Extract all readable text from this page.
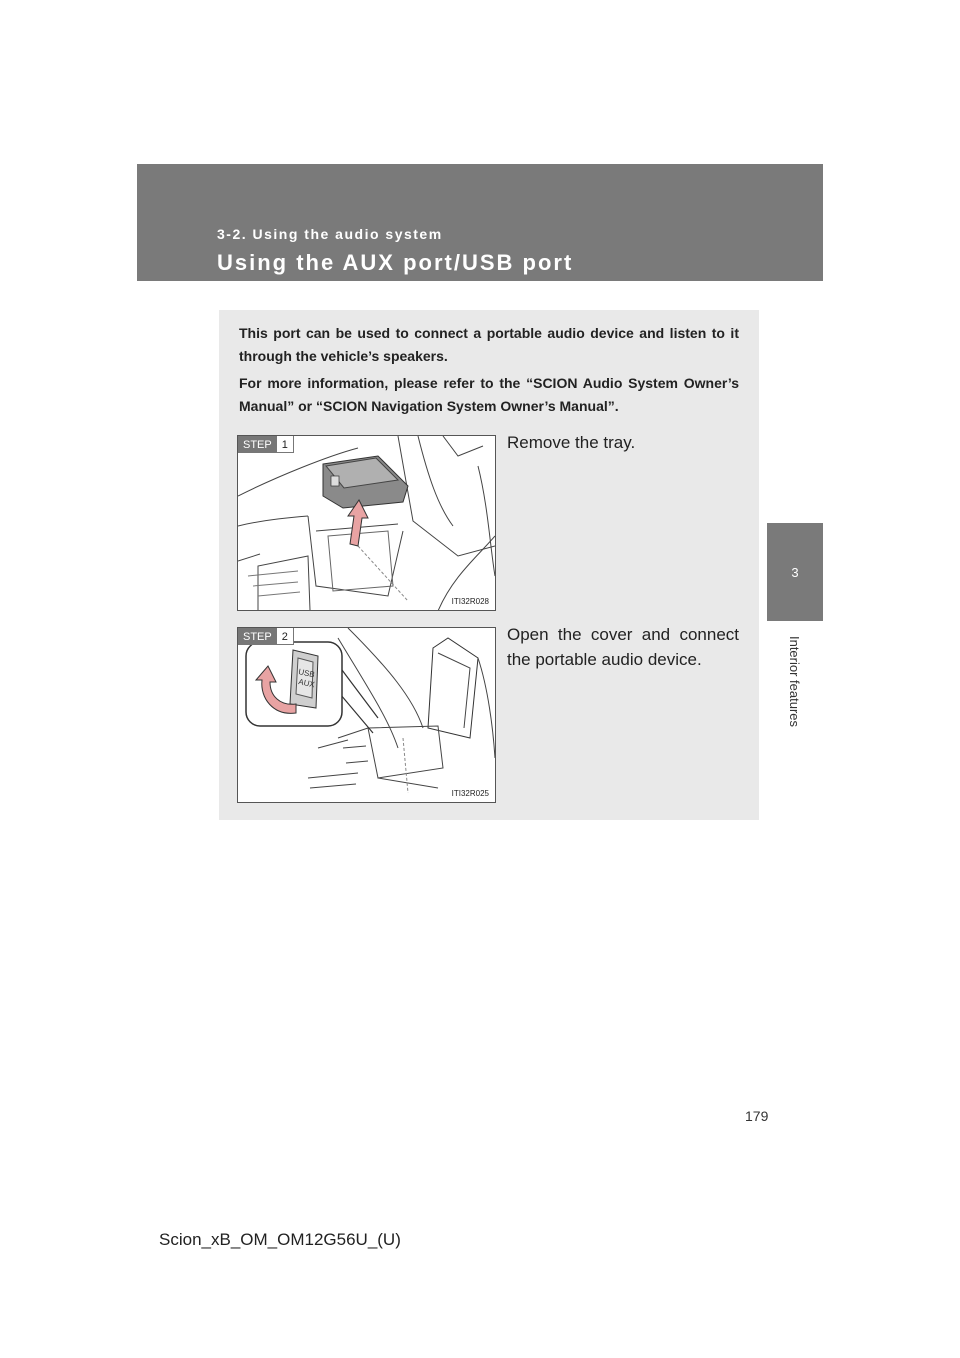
3-2. Using the audio system
Using the AUX port/USB port
3
Interior features

This port can be used to connect a portable audio device and listen to it through the vehicle’s speakers.

For more information, please refer to the “SCION Audio System Owner’s Manual” or “SCION Navigation System Owner’s Manual”.

STEP 1
ITI32R028

Remove the tray.

STEP 2
USB
AUX
ITI32R025

Open the cover and connect the portable audio device.

179
Scion_xB_OM_OM12G56U_(U)
